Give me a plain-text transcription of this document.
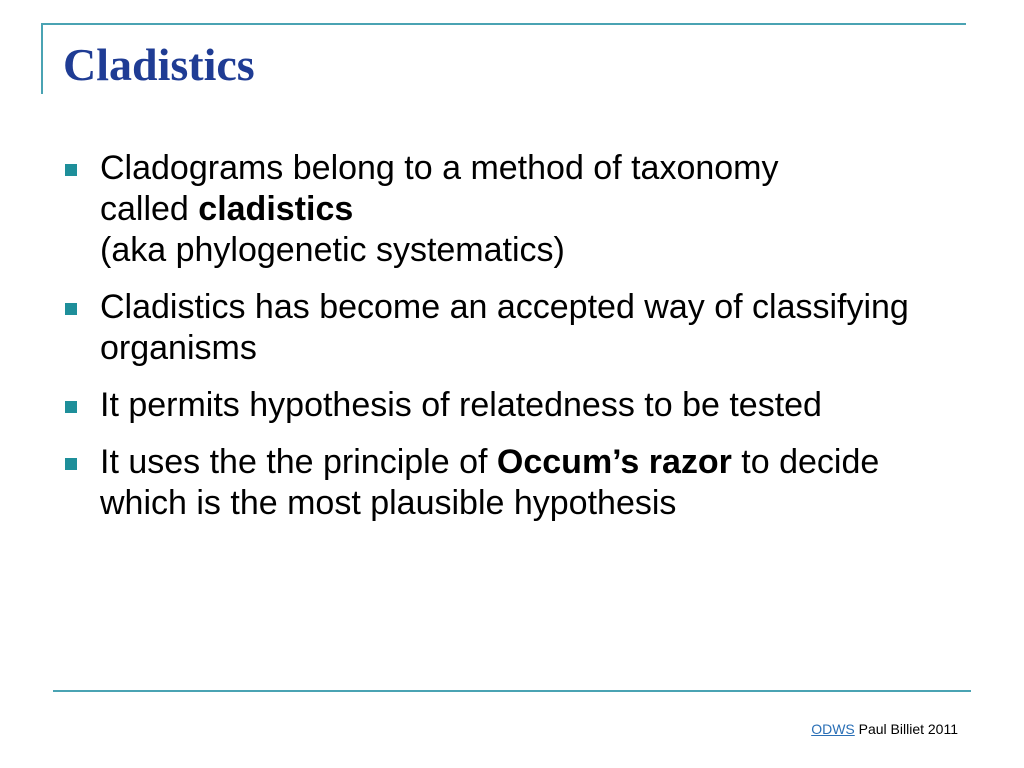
Cladistics
Cladograms belong to a method of taxonomy
called cladistics
(aka phylogenetic systematics)
Cladistics has become an accepted way of classifying organisms
It permits hypothesis of relatedness to be tested
It uses the the principle of Occum’s razor to decide which is the most plausible hypothesis
ODWS Paul Billiet 2011
